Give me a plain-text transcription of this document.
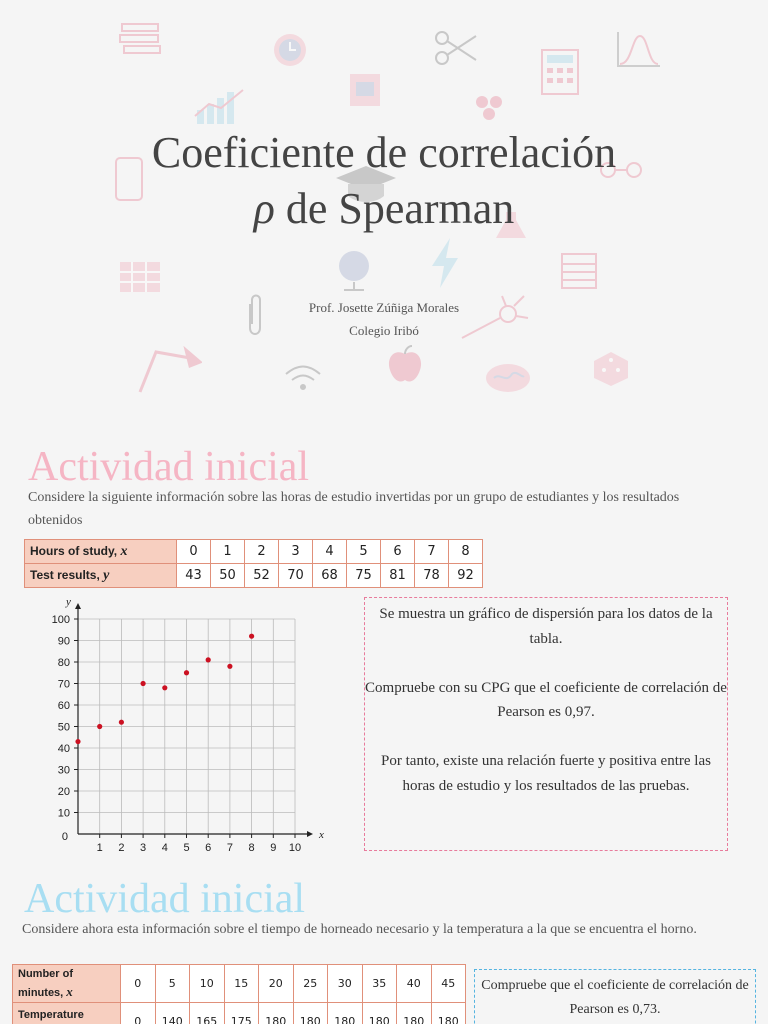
Coeficiente de correlación
ρ de Spearman
Prof. Josette Zúñiga Morales
Colegio Iribó
Actividad inicial
Considere la siguiente información sobre las horas de estudio invertidas por un grupo de estudiantes y los resultados obtenidos
Hours of study, x	0	1	2	3	4	5	6	7	8
Test results, y	43	50	52	70	68	75	81	78	92
1 2 3 4 5 6 7 8 9 10
10
20
30
40
50
60
70
80
90
100
0	x
y

Se muestra un gráfico de dispersión para los datos de la tabla.

Compruebe con su CPG que el coeficiente de correlación de Pearson es 0,97.

Por tanto, existe una relación fuerte y positiva entre las horas de estudio y los resultados de las pruebas.

Actividad inicial
Considere ahora esta información sobre el tiempo de horneado necesario y la temperatura a la que se encuentra el horno.
Number of minutes, x	0	5	10	15	20	25	30	35	40	45
Temperature	0	140	165	175	180	180	180	180	180	180

Compruebe que el coeficiente de correlación de Pearson es 0,73.
